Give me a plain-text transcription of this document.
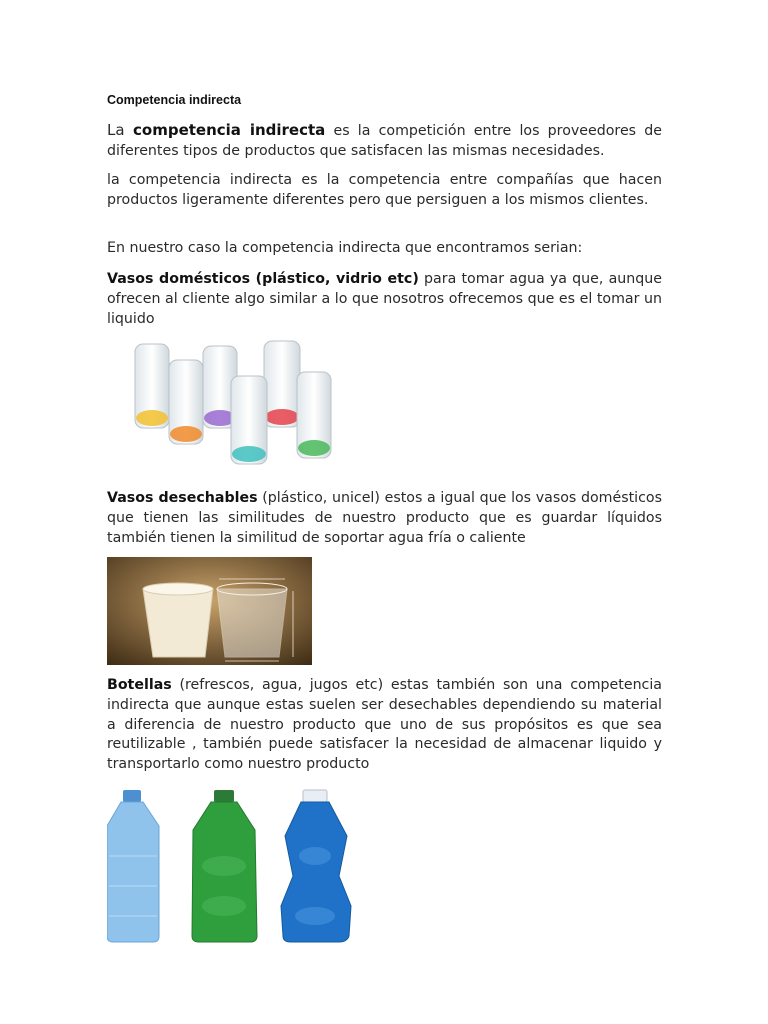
Competencia indirecta
La competencia indirecta es la competición entre los proveedores de diferentes tipos de productos que satisfacen las mismas necesidades.
la competencia indirecta es la competencia entre compañías que hacen productos ligeramente diferentes pero que persiguen a los mismos clientes.
En nuestro caso la competencia indirecta que encontramos serian:
Vasos domésticos (plástico, vidrio etc) para tomar agua ya que, aunque ofrecen al cliente algo similar a lo que nosotros ofrecemos que es el tomar un liquido
Vasos desechables (plástico, unicel) estos a igual que los vasos domésticos que tienen las similitudes de nuestro producto que es guardar líquidos también tienen la similitud de soportar agua fría o caliente
Botellas (refrescos, agua, jugos etc) estas también son una competencia indirecta que aunque estas suelen ser desechables dependiendo su material a diferencia de nuestro producto que uno de sus propósitos es que sea reutilizable , también puede satisfacer la necesidad de almacenar liquido y transportarlo como nuestro producto
